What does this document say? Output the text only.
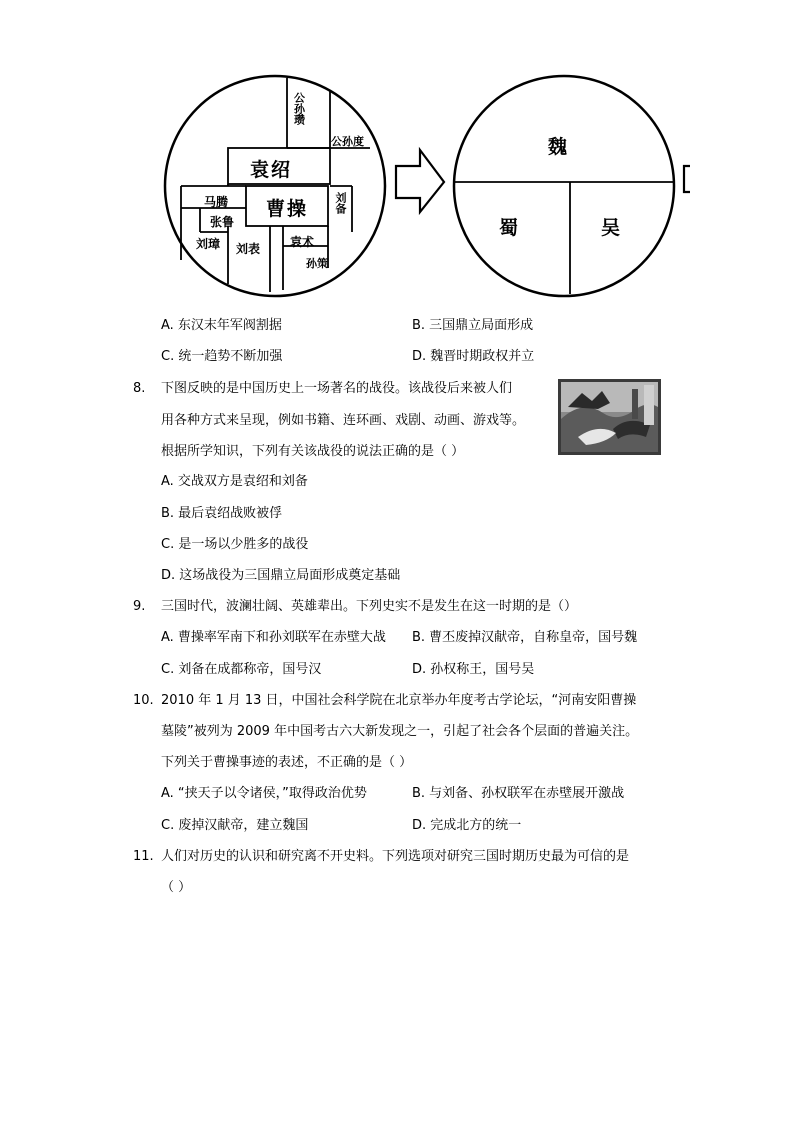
公孙瓒
公孙度
袁绍
马腾 曹操 刘备
张鲁
刘璋 刘表 袁术
孙策
魏
蜀	吴
A. 东汉末年军阀割据	B. 三国鼎立局面形成
C. 统一趋势不断加强	D. 魏晋时期政权并立
8. 下图反映的是中国历史上一场著名的战役。该战役后来被人们
用各种方式来呈现，例如书籍、连环画、戏剧、动画、游戏等。
根据所学知识，下列有关该战役的说法正确的是（ ）
A. 交战双方是袁绍和刘备
B. 最后袁绍战败被俘
C. 是一场以少胜多的战役
D. 这场战役为三国鼎立局面形成奠定基础
9. 三国时代，波澜壮阔、英雄辈出。下列史实不是发生在这一时期的是（）
A. 曹操率军南下和孙刘联军在赤壁大战 B. 曹丕废掉汉献帝，自称皇帝，国号魏
C. 刘备在成都称帝，国号汉	D. 孙权称王，国号吴
10. 2010 年 1 月 13 日，中国社会科学院在北京举办年度考古学论坛，“河南安阳曹操
墓陵”被列为 2009 年中国考古六大新发现之一，引起了社会各个层面的普遍关注。
下列关于曹操事迹的表述，不正确的是（ ）
A. “挟天子以令诸侯，”取得政治优势	B. 与刘备、孙权联军在赤壁展开激战
C. 废掉汉献帝，建立魏国	D. 完成北方的统一
11. 人们对历史的认识和研究离不开史料。下列选项对研究三国时期历史最为可信的是
（ ）
